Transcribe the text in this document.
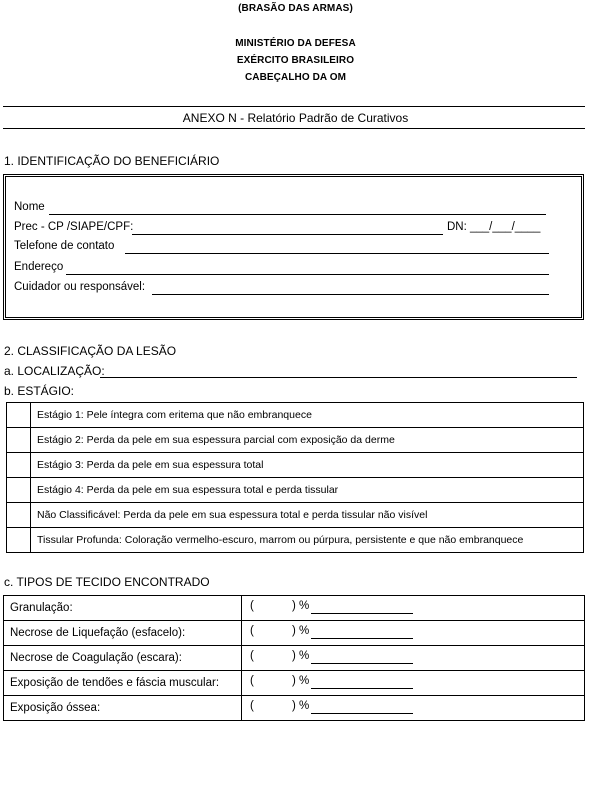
(BRASÃO DAS ARMAS)
MINISTÉRIO DA DEFESA
EXÉRCITO BRASILEIRO
CABEÇALHO DA OM
ANEXO N - Relatório Padrão de Curativos
1. IDENTIFICAÇÃO DO BENEFICIÁRIO
Nome
Prec - CP /SIAPE/CPF:	DN: ___/___/____
Telefone de contato
Endereço
Cuidador ou responsável:
2. CLASSIFICAÇÃO DA LESÃO
a. LOCALIZAÇÃO:
b. ESTÁGIO:
	Estágio 1: Pele íntegra com eritema que não embranquece
	Estágio 2: Perda da pele em sua espessura parcial com exposição da derme
	Estágio 3: Perda da pele em sua espessura total
	Estágio 4: Perda da pele em sua espessura total e perda tissular
	Não Classificável: Perda da pele em sua espessura total e perda tissular não visível
	Tissular Profunda: Coloração vermelho-escuro, marrom ou púrpura, persistente e que não embranquece
c. TIPOS DE TECIDO ENCONTRADO
Granulação:	( ) %

Necrose de Liquefação (esfacelo):	( ) %

Necrose de Coagulação (escara):	( ) %

Exposição de tendões e fáscia muscular:	( ) %

Exposição óssea:	( ) %
